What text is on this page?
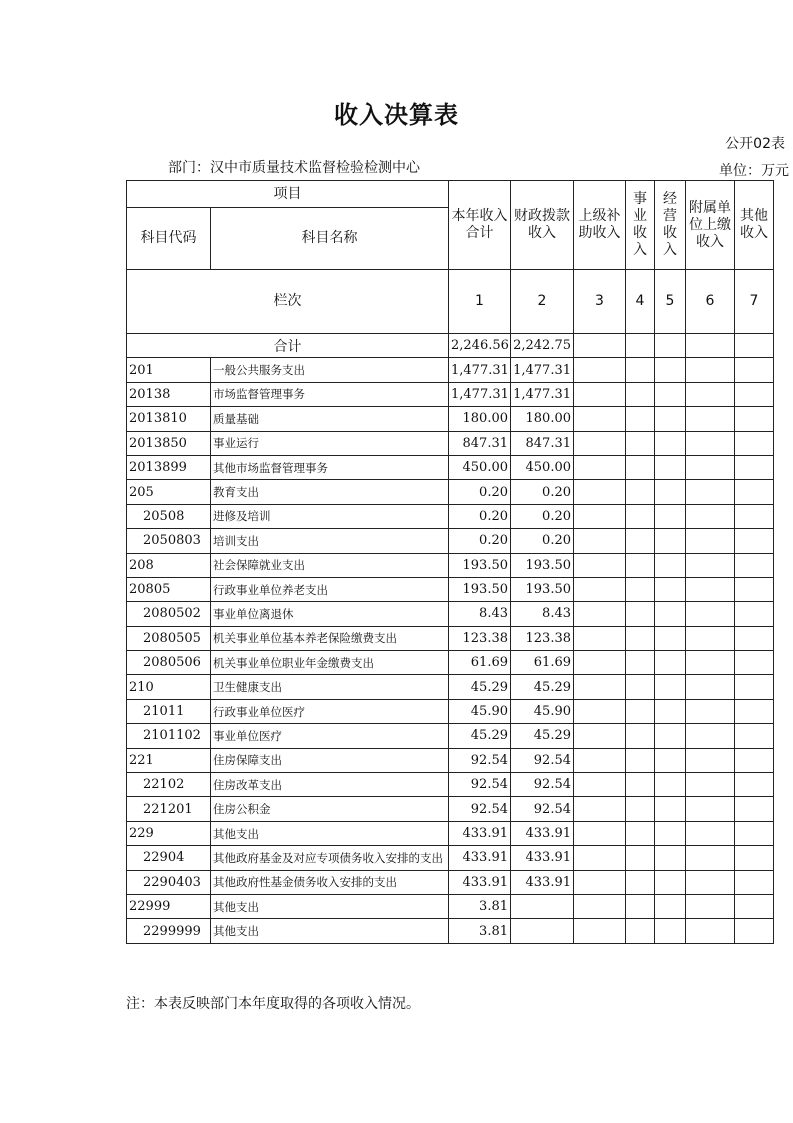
收入决算表
公开02表
部门：汉中市质量技术监督检验检测中心	单位：万元
项目		本年收入合计	财政拨款收入	上级补助收入	事业收入	经营收入	附属单位上缴收入	其他收入
科目代码	科目名称							
栏次		1	2	3	4	5	6	7
合计		2,246.56	2,242.75					
201	一般公共服务支出	1,477.31	1,477.31					
20138	市场监督管理事务	1,477.31	1,477.31					
2013810	质量基础	180.00	180.00					
2013850	事业运行	847.31	847.31					
2013899	其他市场监督管理事务	450.00	450.00					
205	教育支出	0.20	0.20					
20508	进修及培训	0.20	0.20					
2050803	培训支出	0.20	0.20					
208	社会保障就业支出	193.50	193.50					
20805	行政事业单位养老支出	193.50	193.50					
2080502	事业单位离退休	8.43	8.43					
2080505	机关事业单位基本养老保险缴费支出	123.38	123.38					
2080506	机关事业单位职业年金缴费支出	61.69	61.69					
210	卫生健康支出	45.29	45.29					
21011	行政事业单位医疗	45.90	45.90					
2101102	事业单位医疗	45.29	45.29					
221	住房保障支出	92.54	92.54					
22102	住房改革支出	92.54	92.54					
221201	住房公积金	92.54	92.54					
229	其他支出	433.91	433.91					
22904	其他政府基金及对应专项债务收入安排的支出	433.91	433.91					
2290403	其他政府性基金债务收入安排的支出	433.91	433.91					
22999	其他支出	3.81						
2299999	其他支出	3.81						
注：本表反映部门本年度取得的各项收入情况。
